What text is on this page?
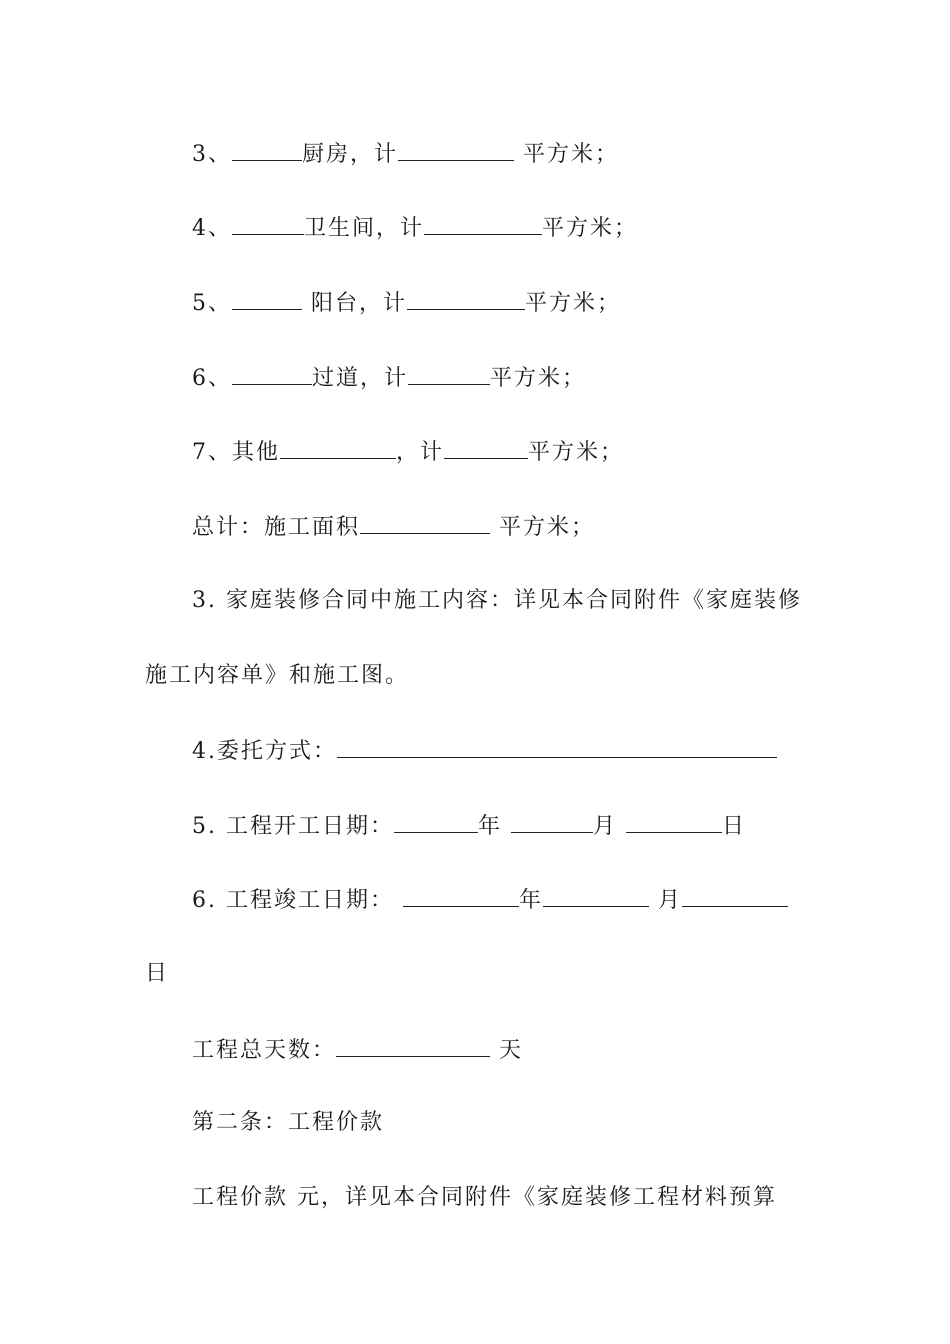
3、	厨房，计	平方米；
4、	卫生间，计	平方米；
5、	阳台，计	平方米；
6、	过道，计	平方米；
7、其他	，计	平方米；
总计：施工面积	平方米；
3. 家庭装修合同中施工内容：详见本合同附件《家庭装修
施工内容单》和施工图。
4.委托方式：
5. 工程开工日期：	年	月	日
6. 工程竣工日期：	年	月
日
工程总天数：	天
第二条：工程价款
工程价款 元，详见本合同附件《家庭装修工程材料预算
